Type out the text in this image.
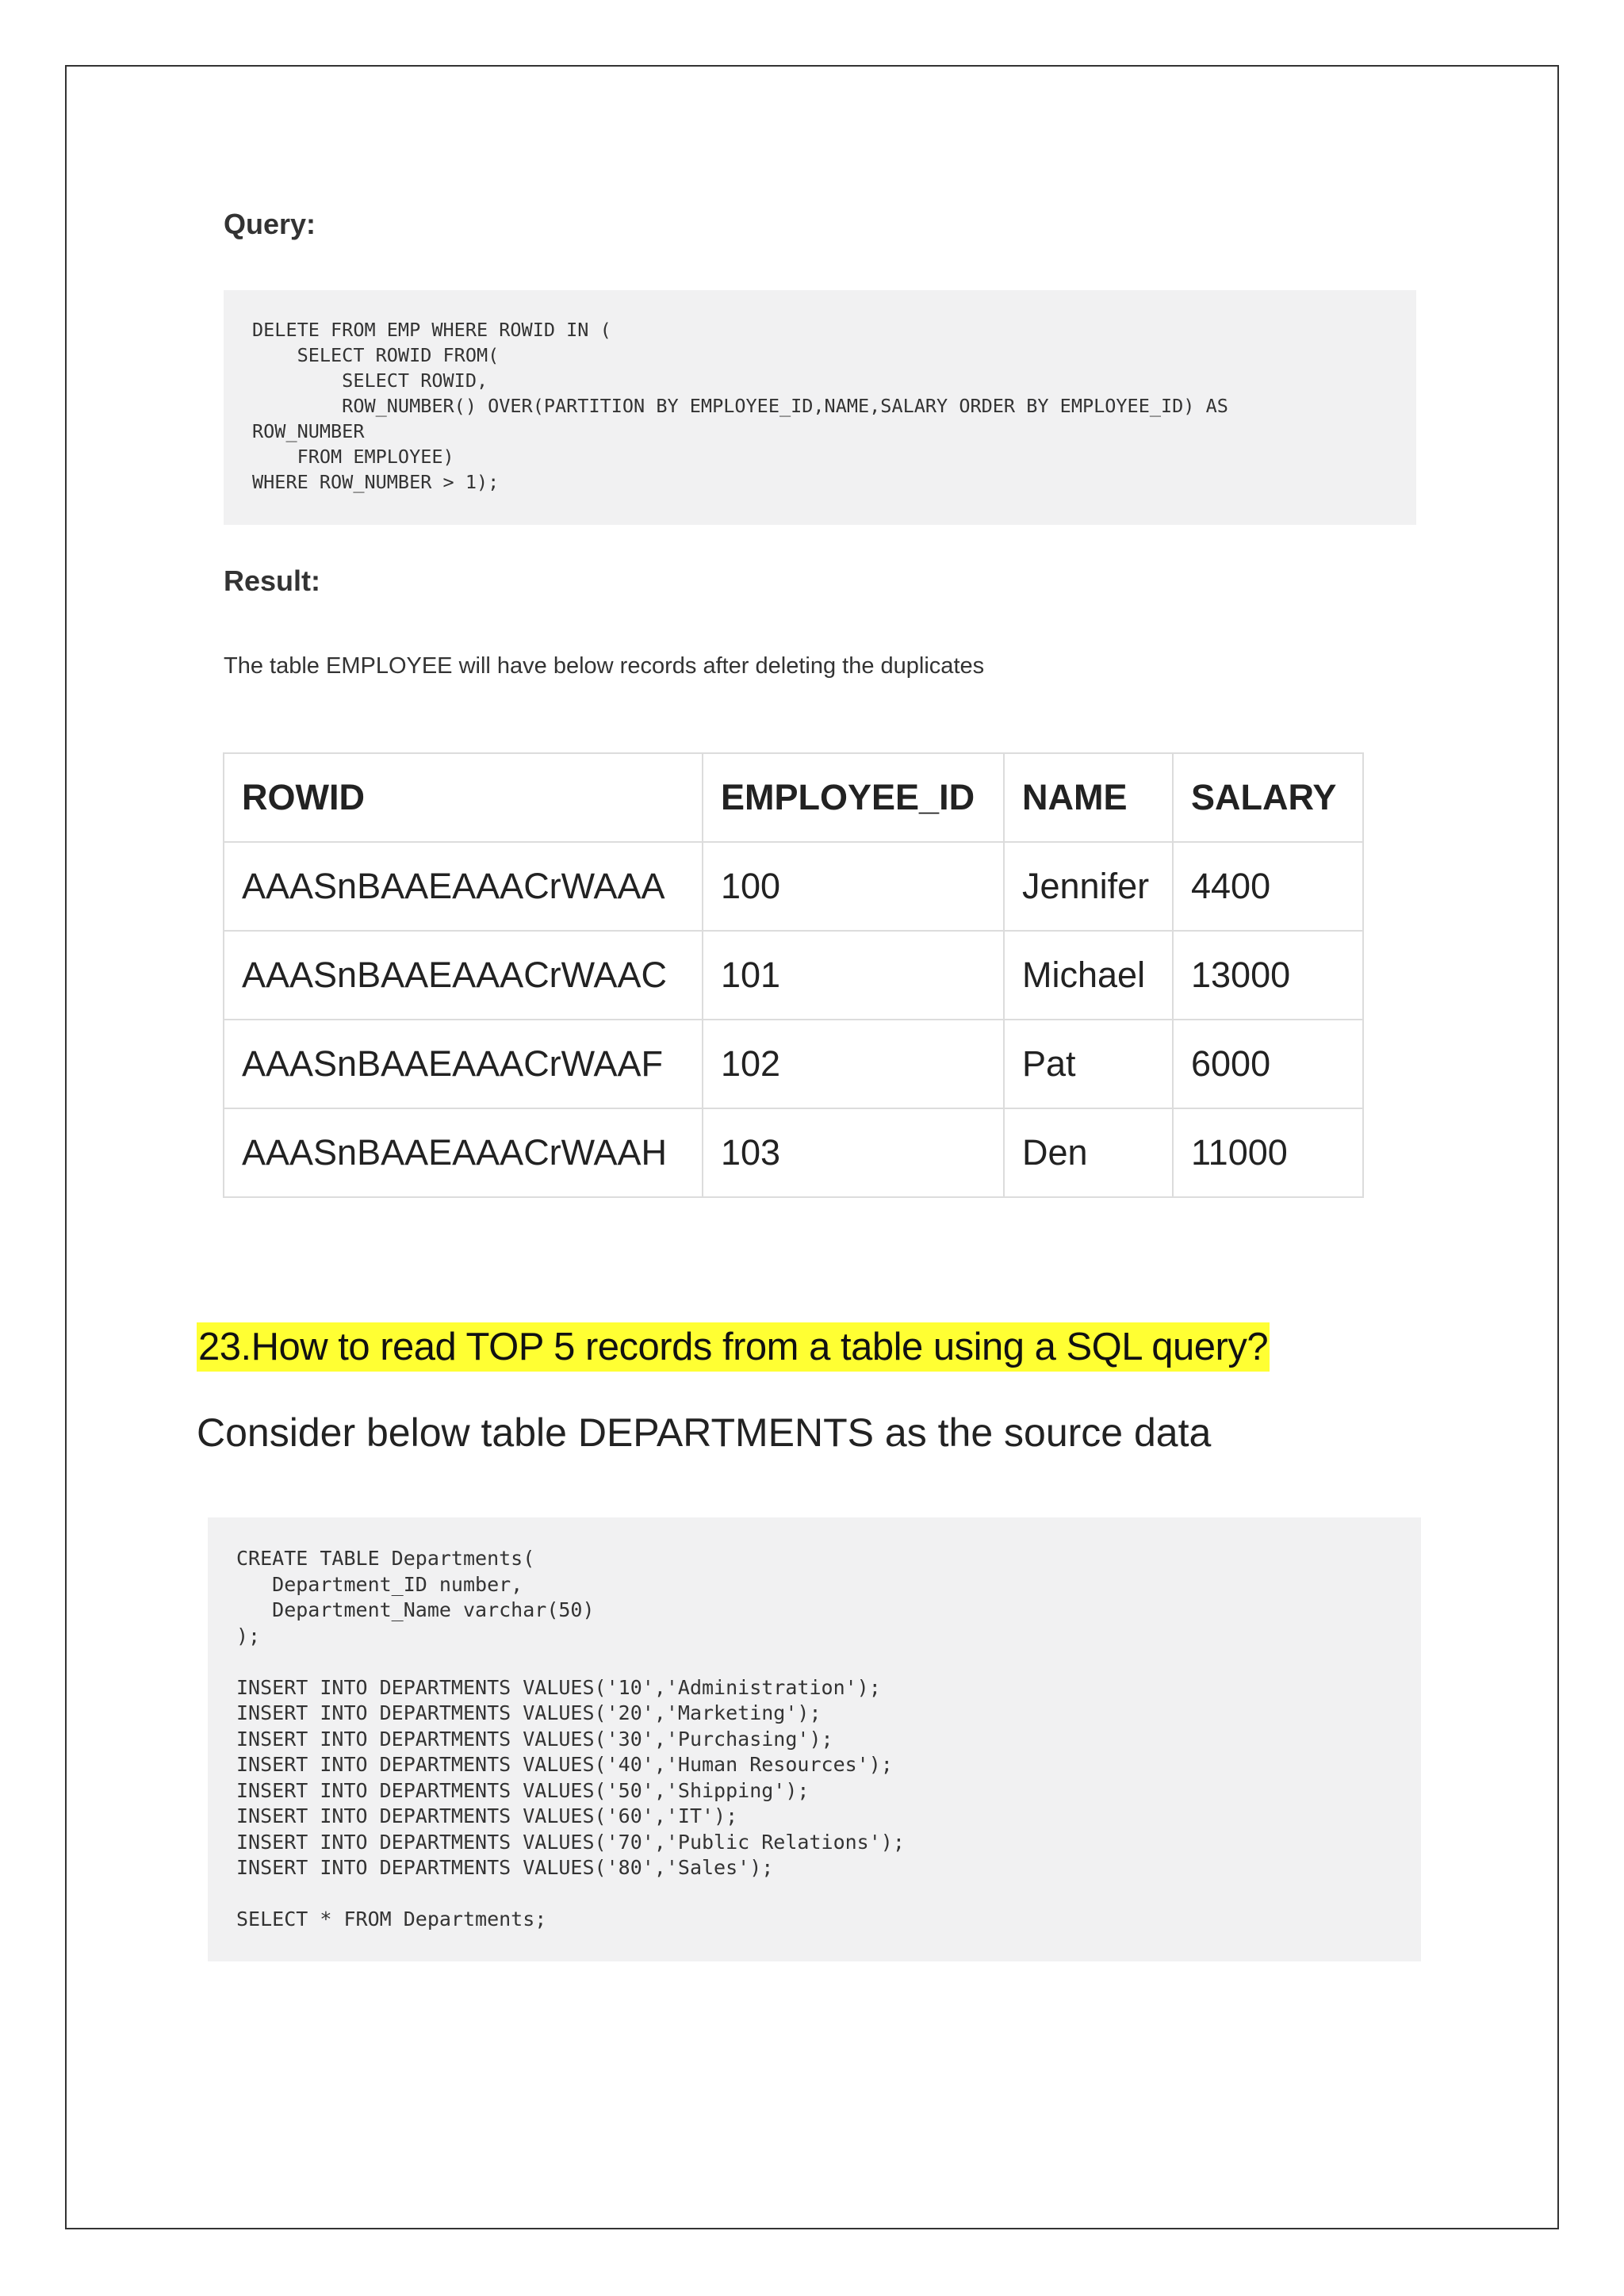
Query:
DELETE FROM EMP WHERE ROWID IN (
SELECT ROWID FROM(
SELECT ROWID,
ROW_NUMBER() OVER(PARTITION BY EMPLOYEE_ID,NAME,SALARY ORDER BY EMPLOYEE_ID) AS
ROW_NUMBER
FROM EMPLOYEE)
WHERE ROW_NUMBER > 1);
Result:
The table EMPLOYEE will have below records after deleting the duplicates
ROWID	EMPLOYEE_ID	NAME	SALARY
AAASnBAAEAAACrWAAA	100	Jennifer	4400
AAASnBAAEAAACrWAAC	101	Michael	13000
AAASnBAAEAAACrWAAF	102	Pat	6000
AAASnBAAEAAACrWAAH	103	Den	11000
23.How to read TOP 5 records from a table using a SQL query?
Consider below table DEPARTMENTS as the source data
CREATE TABLE Departments(
Department_ID number,
Department_Name varchar(50)
);

INSERT INTO DEPARTMENTS VALUES('10','Administration');
INSERT INTO DEPARTMENTS VALUES('20','Marketing');
INSERT INTO DEPARTMENTS VALUES('30','Purchasing');
INSERT INTO DEPARTMENTS VALUES('40','Human Resources');
INSERT INTO DEPARTMENTS VALUES('50','Shipping');
INSERT INTO DEPARTMENTS VALUES('60','IT');
INSERT INTO DEPARTMENTS VALUES('70','Public Relations');
INSERT INTO DEPARTMENTS VALUES('80','Sales');

SELECT * FROM Departments;
